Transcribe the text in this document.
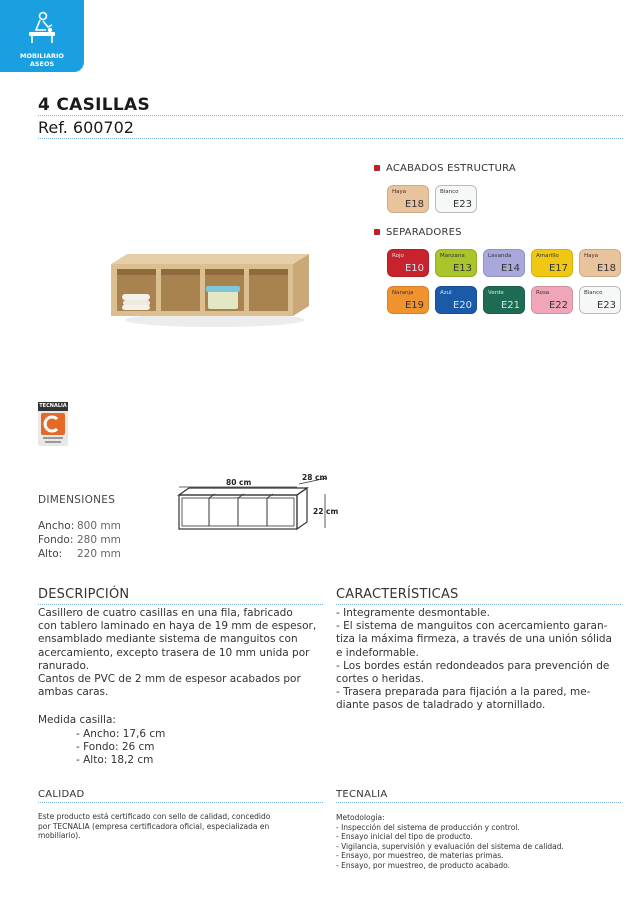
MOBILIARIO
ASEOS
4 CASILLAS
Ref. 600702
ACABADOS ESTRUCTURA
Haya
E18
Blanco
E23
SEPARADORES
Rojo
E10
Manzana
E13
Lavanda
E14
Amarillo
E17
Haya
E18
Naranja
E19
Azul
E20
Verde
E21
Rosa
E22
Blanco
E23
TECNALIA
DIMENSIONES
Ancho: 800 mm
Fondo: 280 mm
Alto: 220 mm
80 cm
28 cm
22 cm
DESCRIPCIÓN
Casillero de cuatro casillas en una fila, fabricado
con tablero laminado en haya de 19 mm de espesor,
ensamblado mediante sistema de manguitos con
acercamiento, excepto trasera de 10 mm unida por
ranurado.
Cantos de PVC de 2 mm de espesor acabados por
ambas caras.
Medida casilla:
- Ancho: 17,6 cm
- Fondo: 26 cm
- Alto: 18,2 cm
CARACTERÍSTICAS
- Integramente desmontable.
- El sistema de manguitos con acercamiento garan-
tiza la máxima firmeza, a través de una unión sólida
e indeformable.
- Los bordes están redondeados para prevención de
cortes o heridas.
- Trasera preparada para fijación a la pared, me-
diante pasos de taladrado y atornillado.
CALIDAD
Este producto está certificado con sello de calidad, concedido
por TECNALIA (empresa certificadora oficial, especializada en
mobiliario).
TECNALIA
Metodología:
- Inspección del sistema de producción y control.
- Ensayo inicial del tipo de producto.
- Vigilancia, supervisión y evaluación del sistema de calidad.
- Ensayo, por muestreo, de materias primas.
- Ensayo, por muestreo, de producto acabado.
